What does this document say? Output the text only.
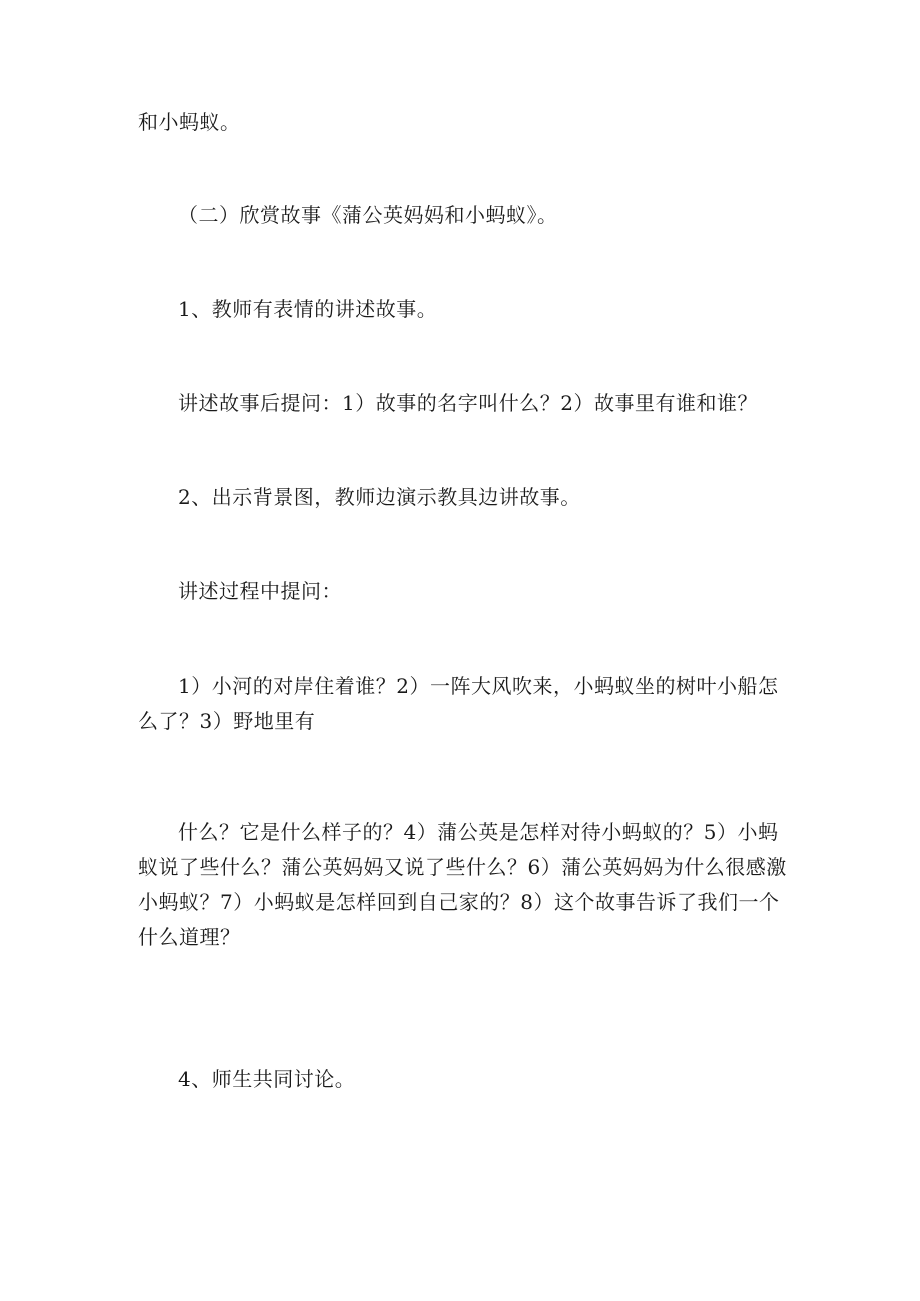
和小蚂蚁。

（二）欣赏故事《蒲公英妈妈和小蚂蚁》。

1、教师有表情的讲述故事。

讲述故事后提问：1）故事的名字叫什么？2）故事里有谁和谁？

2、出示背景图，教师边演示教具边讲故事。

讲述过程中提问：

1）小河的对岸住着谁？2）一阵大风吹来，小蚂蚁坐的树叶小船怎么了？3）野地里有

什么？它是什么样子的？4）蒲公英是怎样对待小蚂蚁的？5）小蚂蚁说了些什么？蒲公英妈妈又说了些什么？6）蒲公英妈妈为什么很感激小蚂蚁？7）小蚂蚁是怎样回到自己家的？8）这个故事告诉了我们一个什么道理？

4、师生共同讨论。
